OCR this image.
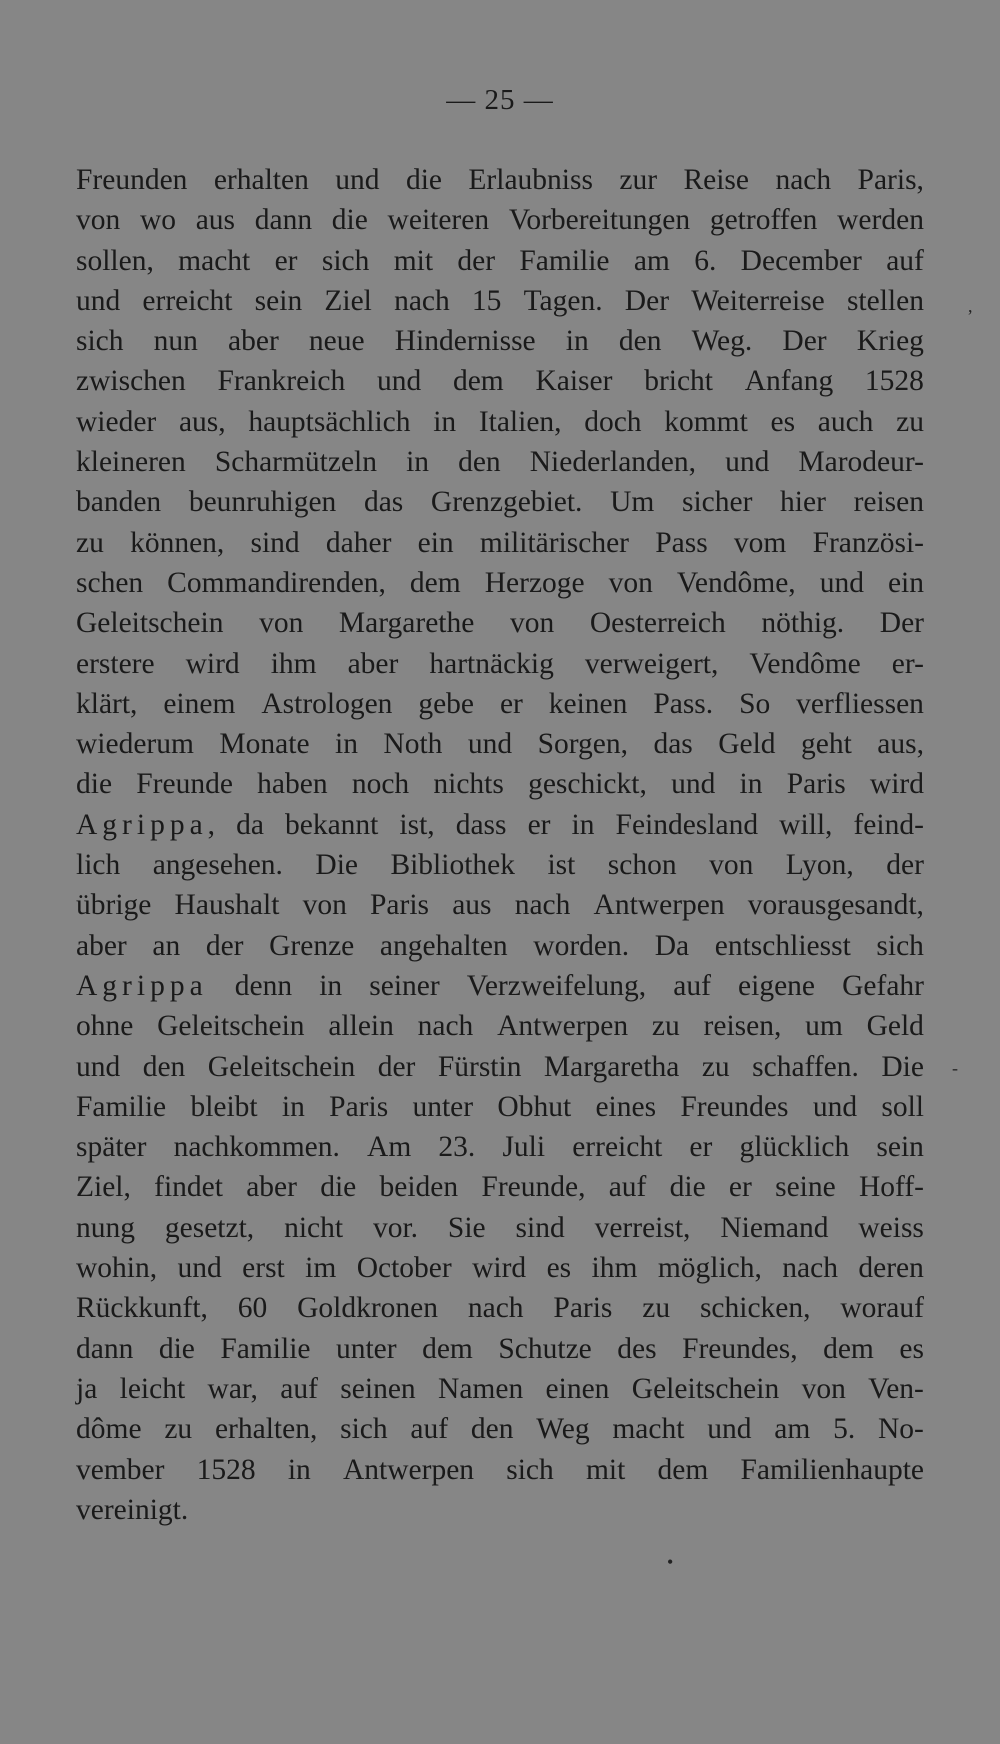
— 25 —
Freunden erhalten und die Erlaubniss zur Reise nach Paris,
von wo aus dann die weiteren Vorbereitungen getroffen werden
sollen, macht er sich mit der Familie am 6. December auf
und erreicht sein Ziel nach 15 Tagen. Der Weiterreise stellen
sich nun aber neue Hindernisse in den Weg. Der Krieg
zwischen Frankreich und dem Kaiser bricht Anfang 1528
wieder aus, hauptsächlich in Italien, doch kommt es auch zu
kleineren Scharmützeln in den Niederlanden, und Marodeur-
banden beunruhigen das Grenzgebiet. Um sicher hier reisen
zu können, sind daher ein militärischer Pass vom Französi-
schen Commandirenden, dem Herzoge von Vendôme, und ein
Geleitschein von Margarethe von Oesterreich nöthig. Der
erstere wird ihm aber hartnäckig verweigert, Vendôme er-
klärt, einem Astrologen gebe er keinen Pass. So verfliessen
wiederum Monate in Noth und Sorgen, das Geld geht aus,
die Freunde haben noch nichts geschickt, und in Paris wird
Agrippa, da bekannt ist, dass er in Feindesland will, feind-
lich angesehen. Die Bibliothek ist schon von Lyon, der
übrige Haushalt von Paris aus nach Antwerpen vorausgesandt,
aber an der Grenze angehalten worden. Da entschliesst sich
Agrippa denn in seiner Verzweifelung, auf eigene Gefahr
ohne Geleitschein allein nach Antwerpen zu reisen, um Geld
und den Geleitschein der Fürstin Margaretha zu schaffen. Die
Familie bleibt in Paris unter Obhut eines Freundes und soll
später nachkommen. Am 23. Juli erreicht er glücklich sein
Ziel, findet aber die beiden Freunde, auf die er seine Hoff-
nung gesetzt, nicht vor. Sie sind verreist, Niemand weiss
wohin, und erst im October wird es ihm möglich, nach deren
Rückkunft, 60 Goldkronen nach Paris zu schicken, worauf
dann die Familie unter dem Schutze des Freundes, dem es
ja leicht war, auf seinen Namen einen Geleitschein von Ven-
dôme zu erhalten, sich auf den Weg macht und am 5. No-
vember 1528 in Antwerpen sich mit dem Familienhaupte
vereinigt.
,
-
•
